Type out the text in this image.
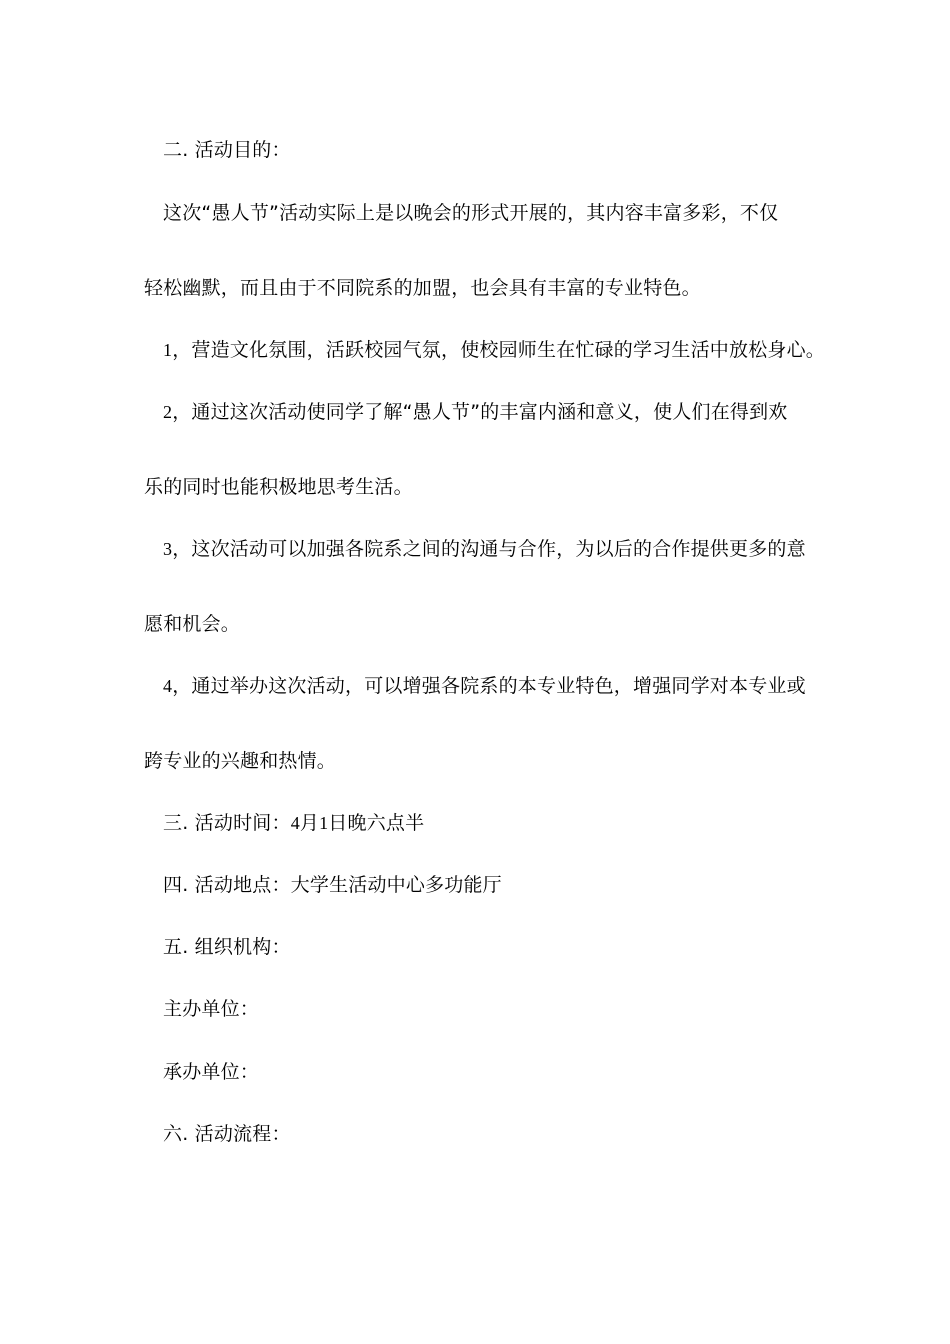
二. 活动目的：
这次“愚人节”活动实际上是以晚会的形式开展的，其内容丰富多彩，不仅
轻松幽默，而且由于不同院系的加盟，也会具有丰富的专业特色。
1，营造文化氛围，活跃校园气氛，使校园师生在忙碌的学习生活中放松身心。
2，通过这次活动使同学了解“愚人节”的丰富内涵和意义，使人们在得到欢
乐的同时也能积极地思考生活。
3，这次活动可以加强各院系之间的沟通与合作，为以后的合作提供更多的意
愿和机会。
4，通过举办这次活动，可以增强各院系的本专业特色，增强同学对本专业或
跨专业的兴趣和热情。
三. 活动时间：4月1日晚六点半
四. 活动地点：大学生活动中心多功能厅
五. 组织机构：
主办单位：
承办单位：
六. 活动流程：
